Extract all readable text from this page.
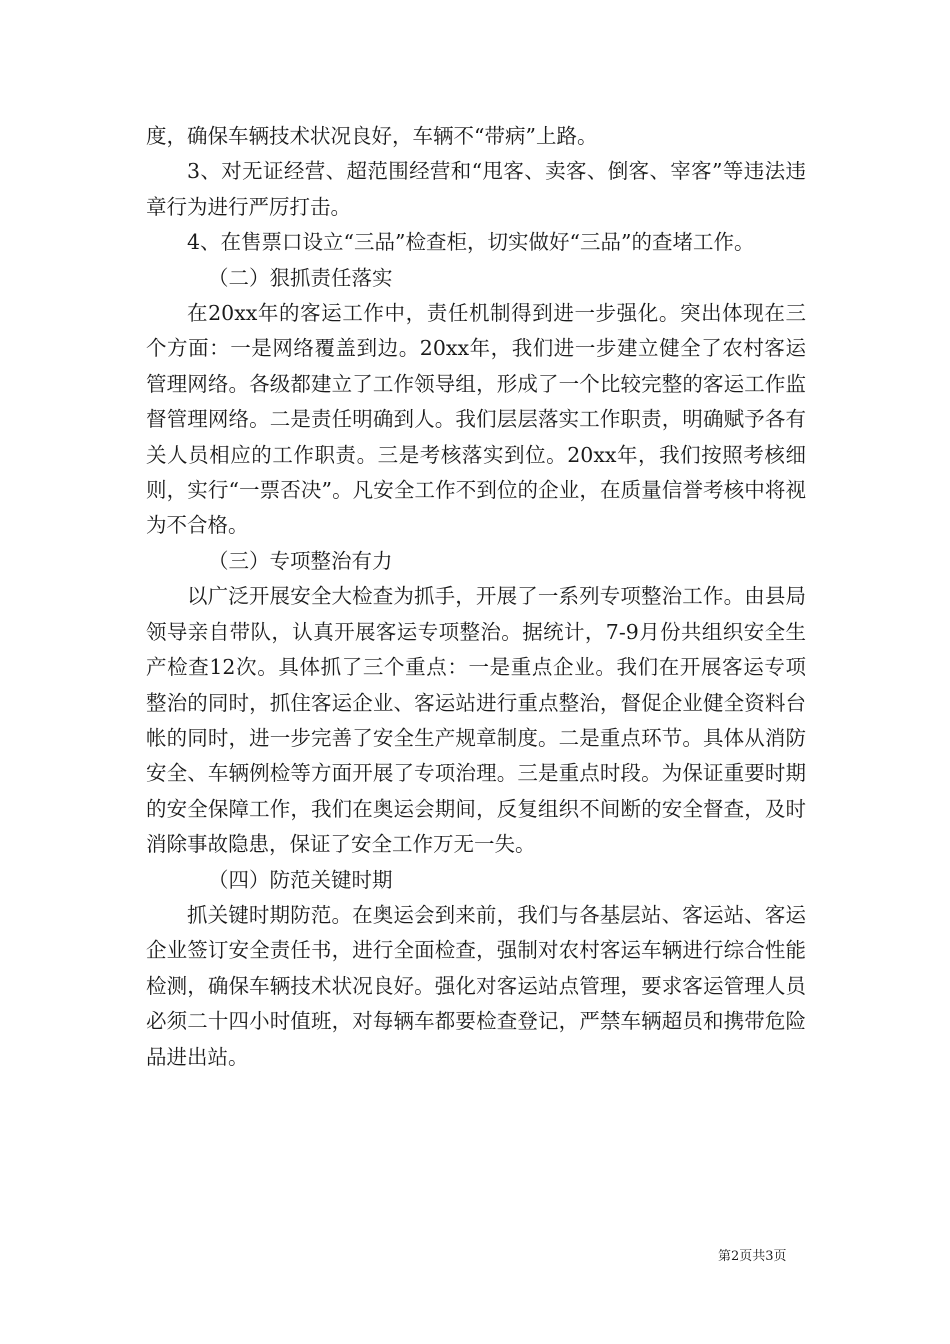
度，确保车辆技术状况良好，车辆不“带病”上路。

3、对无证经营、超范围经营和“甩客、卖客、倒客、宰客”等违法违章行为进行严厉打击。

4、在售票口设立“三品”检查柜，切实做好“三品”的查堵工作。

（二）狠抓责任落实

在20xx年的客运工作中，责任机制得到进一步强化。突出体现在三个方面：一是网络覆盖到边。20xx年，我们进一步建立健全了农村客运管理网络。各级都建立了工作领导组，形成了一个比较完整的客运工作监督管理网络。二是责任明确到人。我们层层落实工作职责，明确赋予各有关人员相应的工作职责。三是考核落实到位。20xx年，我们按照考核细则，实行“一票否决”。凡安全工作不到位的企业，在质量信誉考核中将视为不合格。

（三）专项整治有力

以广泛开展安全大检查为抓手，开展了一系列专项整治工作。由县局领导亲自带队，认真开展客运专项整治。据统计，7-9月份共组织安全生产检查12次。具体抓了三个重点：一是重点企业。我们在开展客运专项整治的同时，抓住客运企业、客运站进行重点整治，督促企业健全资料台帐的同时，进一步完善了安全生产规章制度。二是重点环节。具体从消防安全、车辆例检等方面开展了专项治理。三是重点时段。为保证重要时期的安全保障工作，我们在奥运会期间，反复组织不间断的安全督查，及时消除事故隐患，保证了安全工作万无一失。

（四）防范关键时期

抓关键时期防范。在奥运会到来前，我们与各基层站、客运站、客运企业签订安全责任书，进行全面检查，强制对农村客运车辆进行综合性能检测，确保车辆技术状况良好。强化对客运站点管理，要求客运管理人员必须二十四小时值班，对每辆车都要检查登记，严禁车辆超员和携带危险品进出站。

第2页共3页
